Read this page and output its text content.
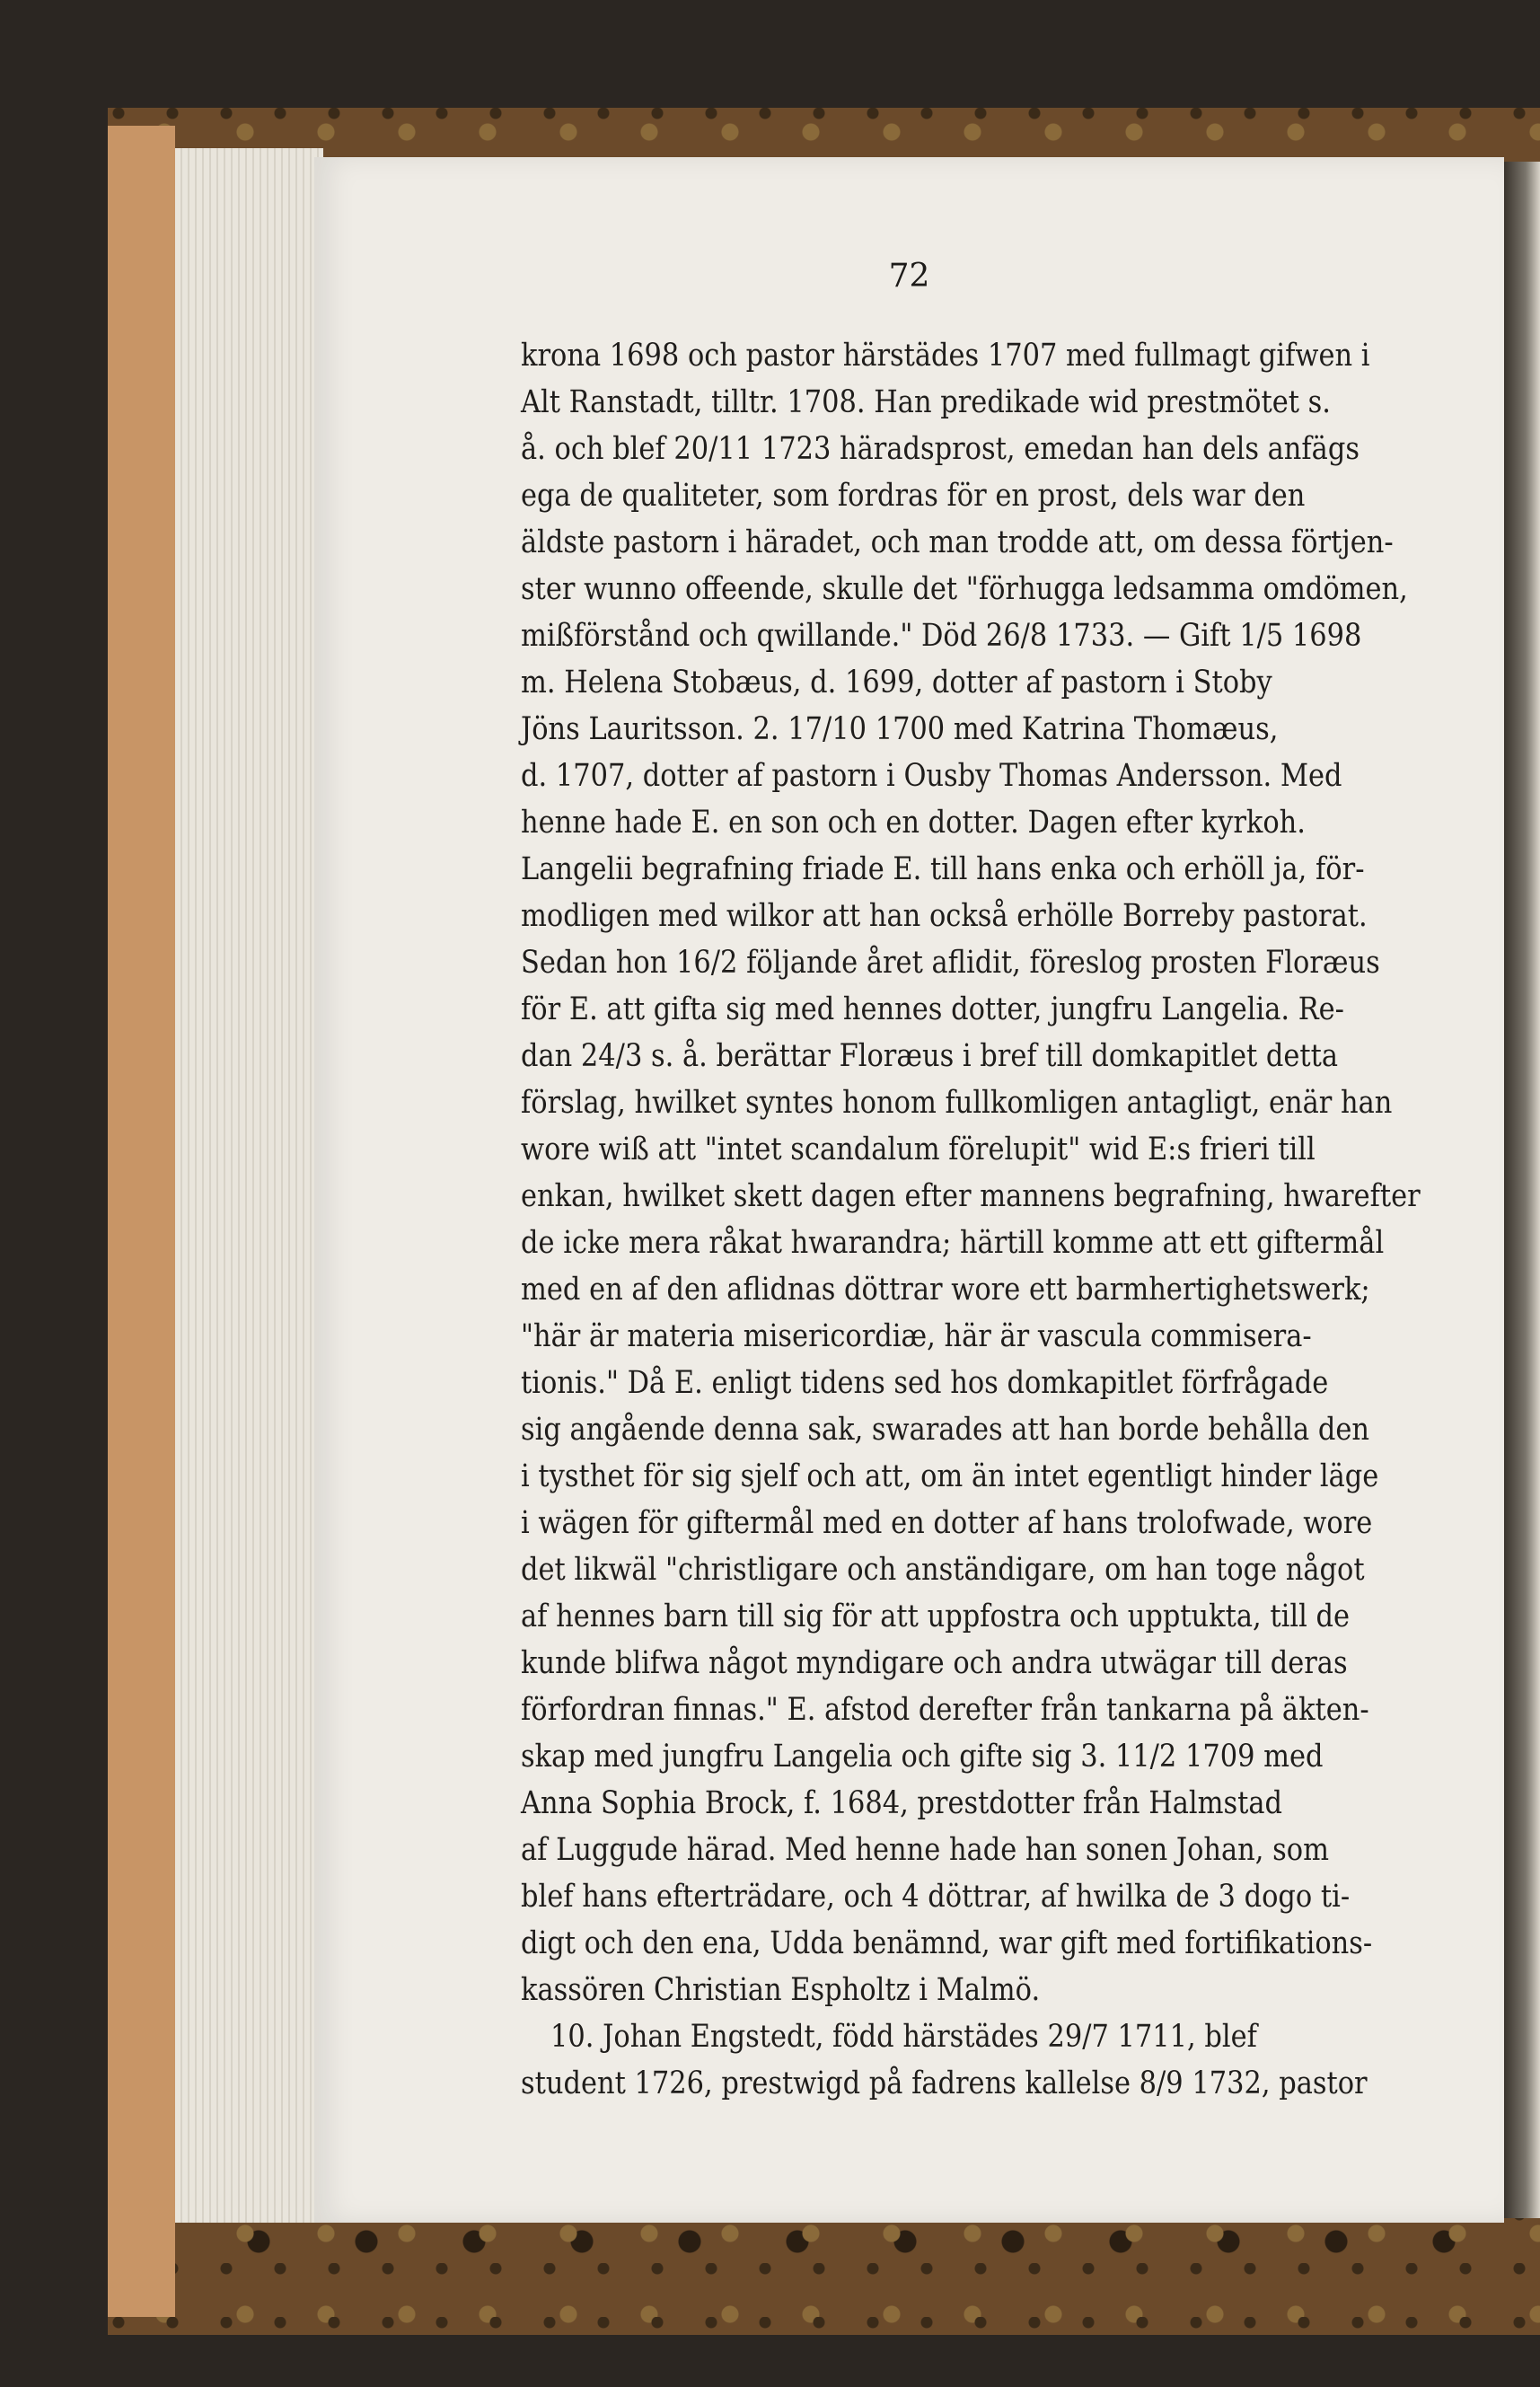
72
krona 1698 och pastor härstädes 1707 med fullmagt gifwen i
Alt Ranstadt, tilltr. 1708. Han predikade wid prestmötet s.
å. och blef 20/11 1723 häradsprost, emedan han dels anfägs
ega de qualiteter, som fordras för en prost, dels war den
äldste pastorn i häradet, och man trodde att, om dessa förtjen-
ster wunno offeende, skulle det "förhugga ledsamma omdömen,
mißförstånd och qwillande." Död 26/8 1733. — Gift 1/5 1698
m. Helena Stobæus, d. 1699, dotter af pastorn i Stoby
Jöns Lauritsson. 2. 17/10 1700 med Katrina Thomæus,
d. 1707, dotter af pastorn i Ousby Thomas Andersson. Med
henne hade E. en son och en dotter. Dagen efter kyrkoh.
Langelii begrafning friade E. till hans enka och erhöll ja, för-
modligen med wilkor att han också erhölle Borreby pastorat.
Sedan hon 16/2 följande året aflidit, föreslog prosten Floræus
för E. att gifta sig med hennes dotter, jungfru Langelia. Re-
dan 24/3 s. å. berättar Floræus i bref till domkapitlet detta
förslag, hwilket syntes honom fullkomligen antagligt, enär han
wore wiß att "intet scandalum förelupit" wid E:s frieri till
enkan, hwilket skett dagen efter mannens begrafning, hwarefter
de icke mera råkat hwarandra; härtill komme att ett giftermål
med en af den aflidnas döttrar wore ett barmhertighetswerk;
"här är materia misericordiæ, här är vascula commisera-
tionis." Då E. enligt tidens sed hos domkapitlet förfrågade
sig angående denna sak, swarades att han borde behålla den
i tysthet för sig sjelf och att, om än intet egentligt hinder läge
i wägen för giftermål med en dotter af hans trolofwade, wore
det likwäl "christligare och anständigare, om han toge något
af hennes barn till sig för att uppfostra och upptukta, till de
kunde blifwa något myndigare och andra utwägar till deras
förfordran finnas." E. afstod derefter från tankarna på äkten-
skap med jungfru Langelia och gifte sig 3. 11/2 1709 med
Anna Sophia Brock, f. 1684, prestdotter från Halmstad
af Luggude härad. Med henne hade han sonen Johan, som
blef hans efterträdare, och 4 döttrar, af hwilka de 3 dogo ti-
digt och den ena, Udda benämnd, war gift med fortifikations-
kassören Christian Espholtz i Malmö.
10. Johan Engstedt, född härstädes 29/7 1711, blef
student 1726, prestwigd på fadrens kallelse 8/9 1732, pastor
